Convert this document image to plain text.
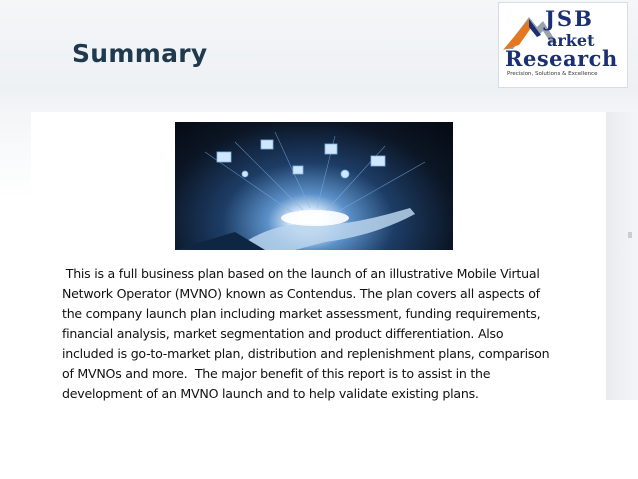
Summary
JSB
arket
Research
Precision, Solutions & Excellence
This is a full business plan based on the launch of an illustrative Mobile Virtual
Network Operator (MVNO) known as Contendus. The plan covers all aspects of
the company launch plan including market assessment, funding requirements,
financial analysis, market segmentation and product differentiation. Also
included is go-to-market plan, distribution and replenishment plans, comparison
of MVNOs and more.  The major benefit of this report is to assist in the
development of an MVNO launch and to help validate existing plans.
